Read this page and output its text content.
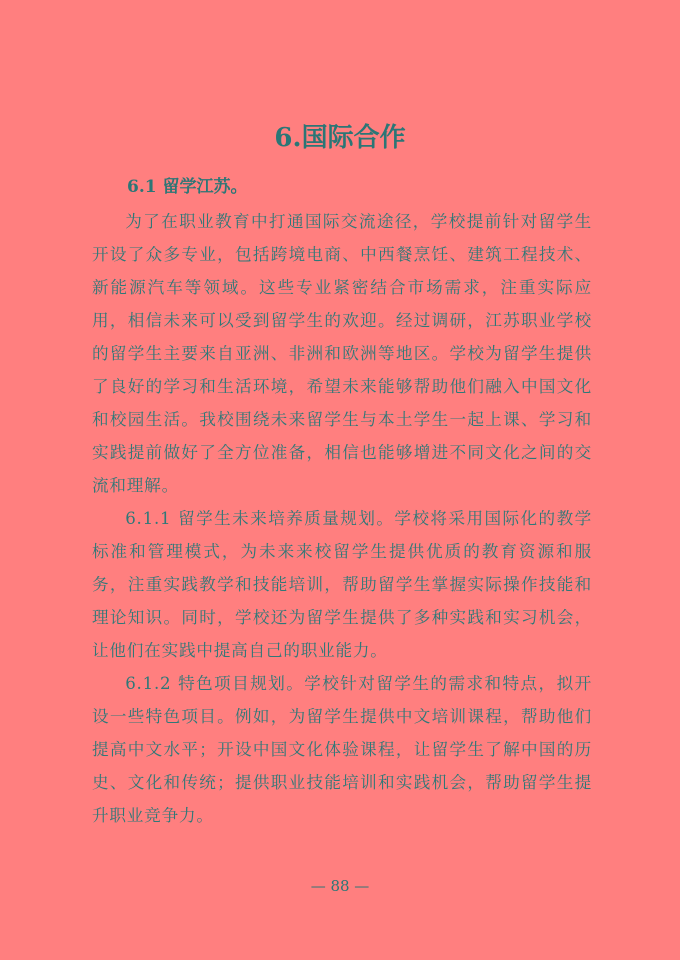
6.国际合作
6.1 留学江苏。

为了在职业教育中打通国际交流途径，学校提前针对留学生开设了众多专业，包括跨境电商、中西餐烹饪、建筑工程技术、新能源汽车等领域。这些专业紧密结合市场需求，注重实际应用，相信未来可以受到留学生的欢迎。经过调研，江苏职业学校的留学生主要来自亚洲、非洲和欧洲等地区。学校为留学生提供了良好的学习和生活环境，希望未来能够帮助他们融入中国文化和校园生活。我校围绕未来留学生与本土学生一起上课、学习和实践提前做好了全方位准备，相信也能够增进不同文化之间的交流和理解。

6.1.1 留学生未来培养质量规划。学校将采用国际化的教学标准和管理模式，为未来来校留学生提供优质的教育资源和服务，注重实践教学和技能培训，帮助留学生掌握实际操作技能和理论知识。同时，学校还为留学生提供了多种实践和实习机会，让他们在实践中提高自己的职业能力。

6.1.2 特色项目规划。学校针对留学生的需求和特点，拟开设一些特色项目。例如，为留学生提供中文培训课程，帮助他们提高中文水平；开设中国文化体验课程，让留学生了解中国的历史、文化和传统；提供职业技能培训和实践机会，帮助留学生提升职业竞争力。

— 88 —
